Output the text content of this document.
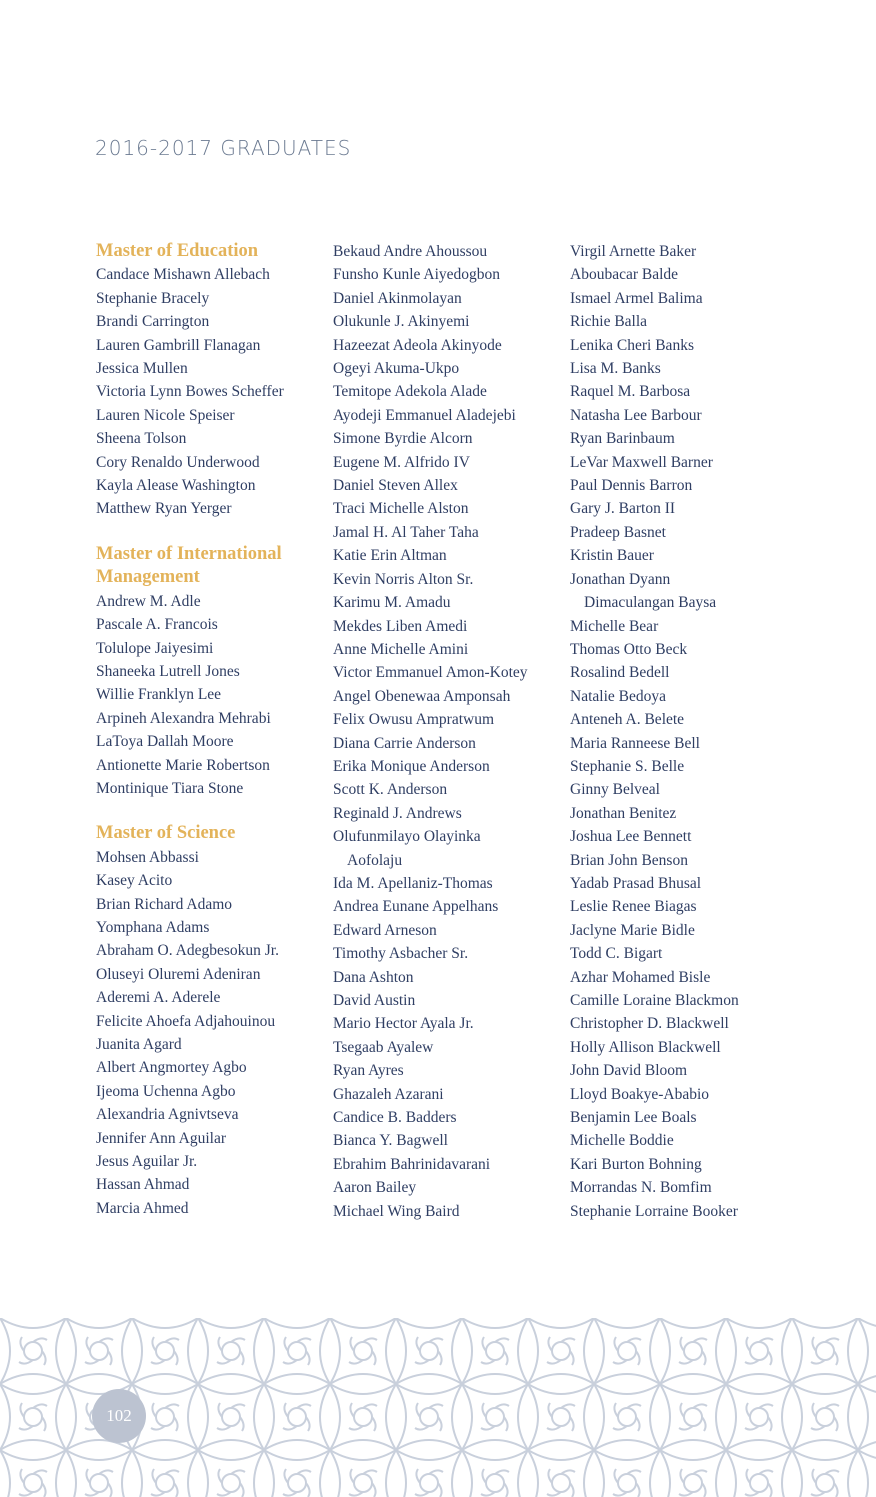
2016-2017 GRADUATES
Master of Education
Candace Mishawn Allebach
Stephanie Bracely
Brandi Carrington
Lauren Gambrill Flanagan
Jessica Mullen
Victoria Lynn Bowes Scheffer
Lauren Nicole Speiser
Sheena Tolson
Cory Renaldo Underwood
Kayla Alease Washington
Matthew Ryan Yerger
Master of International
Management
Andrew M. Adle
Pascale A. Francois
Tolulope Jaiyesimi
Shaneeka Lutrell Jones
Willie Franklyn Lee
Arpineh Alexandra Mehrabi
LaToya Dallah Moore
Antionette Marie Robertson
Montinique Tiara Stone
Master of Science
Mohsen Abbassi
Kasey Acito
Brian Richard Adamo
Yomphana Adams
Abraham O. Adegbesokun Jr.
Oluseyi Oluremi Adeniran
Aderemi A. Aderele
Felicite Ahoefa Adjahouinou
Juanita Agard
Albert Angmortey Agbo
Ijeoma Uchenna Agbo
Alexandria Agnivtseva
Jennifer Ann Aguilar
Jesus Aguilar Jr.
Hassan Ahmad
Marcia Ahmed
Bekaud Andre Ahoussou
Funsho Kunle Aiyedogbon
Daniel Akinmolayan
Olukunle J. Akinyemi
Hazeezat Adeola Akinyode
Ogeyi Akuma-Ukpo
Temitope Adekola Alade
Ayodeji Emmanuel Aladejebi
Simone Byrdie Alcorn
Eugene M. Alfrido IV
Daniel Steven Allex
Traci Michelle Alston
Jamal H. Al Taher Taha
Katie Erin Altman
Kevin Norris Alton Sr.
Karimu M. Amadu
Mekdes Liben Amedi
Anne Michelle Amini
Victor Emmanuel Amon-Kotey
Angel Obenewaa Amponsah
Felix Owusu Ampratwum
Diana Carrie Anderson
Erika Monique Anderson
Scott K. Anderson
Reginald J. Andrews
Olufunmilayo Olayinka
Aofolaju
Ida M. Apellaniz-Thomas
Andrea Eunane Appelhans
Edward Arneson
Timothy Asbacher Sr.
Dana Ashton
David Austin
Mario Hector Ayala Jr.
Tsegaab Ayalew
Ryan Ayres
Ghazaleh Azarani
Candice B. Badders
Bianca Y. Bagwell
Ebrahim Bahrinidavarani
Aaron Bailey
Michael Wing Baird
Virgil Arnette Baker
Aboubacar Balde
Ismael Armel Balima
Richie Balla
Lenika Cheri Banks
Lisa M. Banks
Raquel M. Barbosa
Natasha Lee Barbour
Ryan Barinbaum
LeVar Maxwell Barner
Paul Dennis Barron
Gary J. Barton II
Pradeep Basnet
Kristin Bauer
Jonathan Dyann
Dimaculangan Baysa
Michelle Bear
Thomas Otto Beck
Rosalind Bedell
Natalie Bedoya
Anteneh A. Belete
Maria Ranneese Bell
Stephanie S. Belle
Ginny Belveal
Jonathan Benitez
Joshua Lee Bennett
Brian John Benson
Yadab Prasad Bhusal
Leslie Renee Biagas
Jaclyne Marie Bidle
Todd C. Bigart
Azhar Mohamed Bisle
Camille Loraine Blackmon
Christopher D. Blackwell
Holly Allison Blackwell
John David Bloom
Lloyd Boakye-Ababio
Benjamin Lee Boals
Michelle Boddie
Kari Burton Bohning
Morrandas N. Bomfim
Stephanie Lorraine Booker
102
